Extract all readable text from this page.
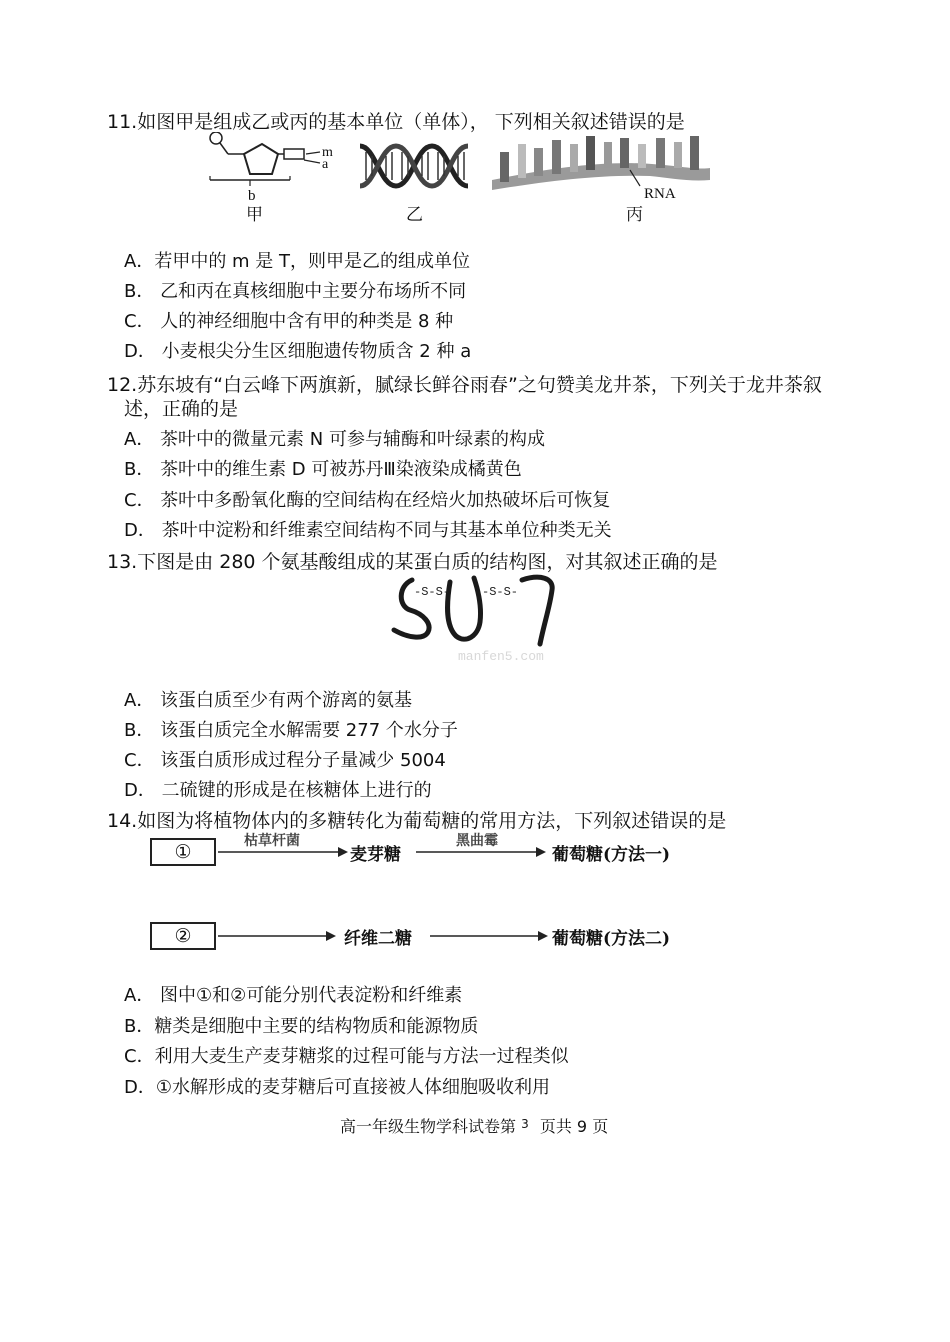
11.如图甲是组成乙或丙的基本单位（单体）， 下列相关叙述错误的是
m
a
b
甲	乙
RNA
丙
A．若甲中的 m 是 T，则甲是乙的组成单位
B． 乙和丙在真核细胞中主要分布场所不同
C． 人的神经细胞中含有甲的种类是 8 种
D． 小麦根尖分生区细胞遗传物质含 2 种 a
12.苏东坡有“白云峰下两旗新，腻绿长鲜谷雨春”之句赞美龙井茶，下列关于龙井茶叙
述，正确的是
A． 茶叶中的微量元素 N 可参与辅酶和叶绿素的构成
B． 茶叶中的维生素 D 可被苏丹Ⅲ染液染成橘黄色
C． 茶叶中多酚氧化酶的空间结构在经焙火加热破坏后可恢复
D． 茶叶中淀粉和纤维素空间结构不同与其基本单位种类无关
13.下图是由 280 个氨基酸组成的某蛋白质的结构图，对其叙述正确的是
-S-S-	-S-S-
manfen5.com
A． 该蛋白质至少有两个游离的氨基
B． 该蛋白质完全水解需要 277 个水分子
C． 该蛋白质形成过程分子量减少 5004
D． 二硫键的形成是在核糖体上进行的
14.如图为将植物体内的多糖转化为葡萄糖的常用方法，下列叙述错误的是
①	枯草杆菌
麦芽糖
黑曲霉
葡萄糖(方法一)
②	纤维二糖	葡萄糖(方法二)
A． 图中①和②可能分别代表淀粉和纤维素
B．糖类是细胞中主要的结构物质和能源物质
C．利用大麦生产麦芽糖浆的过程可能与方法一过程类似
D．①水解形成的麦芽糖后可直接被人体细胞吸收利用
高一年级生物学科试卷第 $^3$ 页共 9 页
